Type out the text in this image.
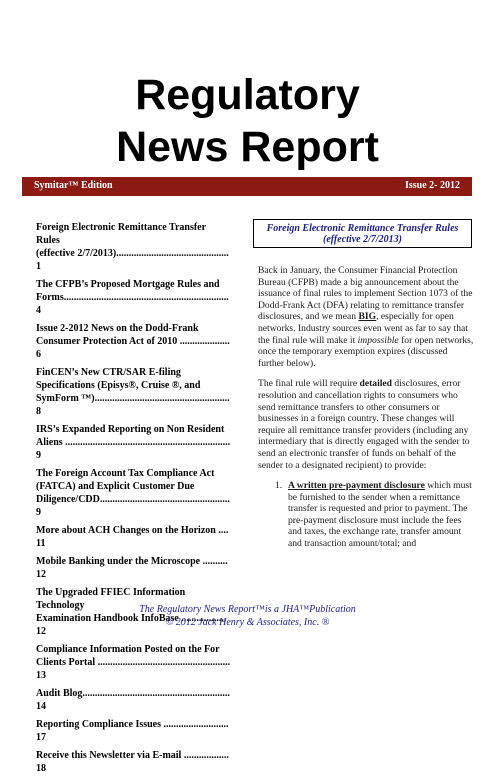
Regulatory
News Report
Symitar™ Edition	Issue 2- 2012
Foreign Electronic Remittance Transfer Rules
(effective 2/7/2013)............................................. 1
The CFPB’s Proposed Mortgage Rules and
Forms.................................................................. 4
Issue 2-2012 News on the Dodd-Frank
Consumer Protection Act of 2010 .................... 6
FinCEN’s New CTR/SAR E-filing
Specifications (Episys®, Cruise ®, and
SymForm ™)...................................................... 8
IRS’s Expanded Reporting on Non Resident
Aliens .................................................................. 9
The Foreign Account Tax Compliance Act
(FATCA) and Explicit Customer Due
Diligence/CDD.................................................... 9
More about ACH Changes on the Horizon .... 11
Mobile Banking under the Microscope .......... 12
The Upgraded FFIEC Information Technology
Examination Handbook InfoBase .................. 12
Compliance Information Posted on the For
Clients Portal ..................................................... 13
Audit Blog........................................................... 14
Reporting Compliance Issues .......................... 17
Receive this Newsletter via E-mail .................. 18
Foreign Electronic Remittance Transfer Rules
(effective 2/7/2013)

Back in January, the Consumer Financial Protection Bureau (CFPB) made a big announcement about the issuance of final rules to implement Section 1073 of the Dodd-Frank Act (DFA) relating to remittance transfer disclosures, and we mean BIG, especially for open networks. Industry sources even went as far to say that the final rule will make it impossible for open networks, once the temporary exemption expires (discussed further below).

The final rule will require detailed disclosures, error resolution and cancellation rights to consumers who send remittance transfers to other consumers or businesses in a foreign country. These changes will require all remittance transfer providers (including any intermediary that is directly engaged with the sender to send an electronic transfer of funds on behalf of the sender to a designated recipient) to provide:

1. A written pre-payment disclosure which must be furnished to the sender when a remittance transfer is requested and prior to payment. The pre-payment disclosure must include the fees and taxes, the exchange rate, transfer amount and transaction amount/total; and
The Regulatory News Report™is a JHA™Publication
© 2012 Jack Henry & Associates, Inc. ®
